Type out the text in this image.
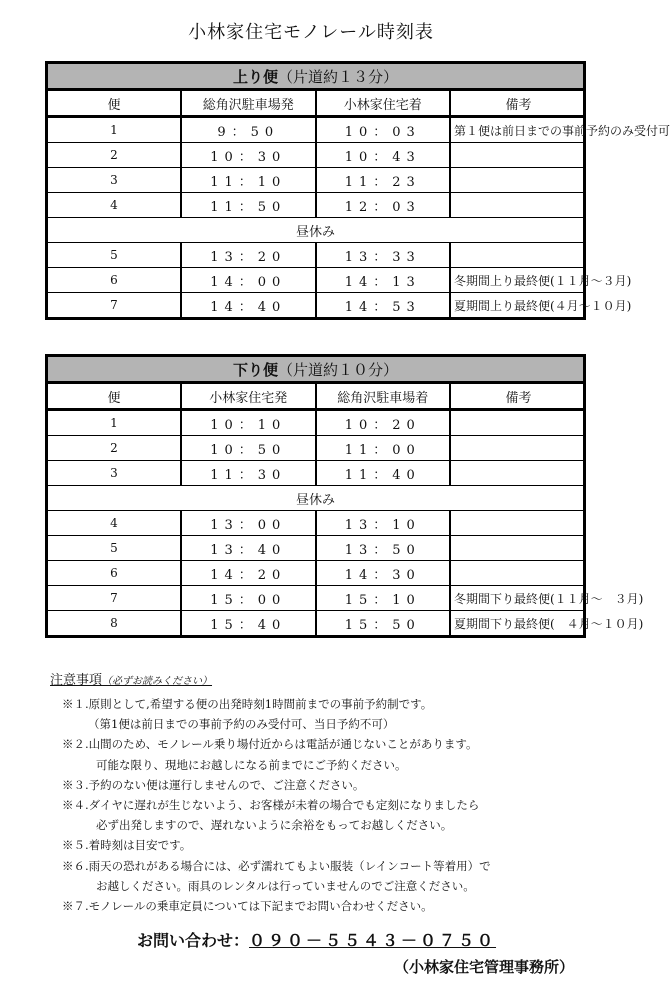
小林家住宅モノレール時刻表
上り便（片道約１３分）			
便	総角沢駐車場発	小林家住宅着	備考
1	9：50	10：03	第１便は前日までの事前予約のみ受付可
2	10：30	10：43	
3	11：10	11：23	
4	11：50	12：03	
昼休み			
5	13：20	13：33	
6	14：00	14：13	冬期間上り最終便(１１月～３月)
7	14：40	14：53	夏期間上り最終便(４月～１０月)
下り便（片道約１０分）			
便	小林家住宅発	総角沢駐車場着	備考
1	10：10	10：20	
2	10：50	11：00	
3	11：30	11：40	
昼休み			
4	13：00	13：10	
5	13：40	13：50	
6	14：20	14：30	
7	15：00	15：10	冬期間下り最終便(１１月～　３月)
8	15：40	15：50	夏期間下り最終便(　４月～１０月)
注意事項（必ずお読みください）
※１.原則として,希望する便の出発時刻1時間前までの事前予約制です。
（第1便は前日までの事前予約のみ受付可、当日予約不可）
※２.山間のため、モノレール乗り場付近からは電話が通じないことがあります。
可能な限り、現地にお越しになる前までにご予約ください。
※３.予約のない便は運行しませんので、ご注意ください。
※４.ダイヤに遅れが生じないよう、お客様が未着の場合でも定刻になりましたら
必ず出発しますので、遅れないように余裕をもってお越しください。
※５.着時刻は目安です。
※６.雨天の恐れがある場合には、必ず濡れてもよい服装（レインコート等着用）で
お越しください。雨具のレンタルは行っていませんのでご注意ください。
※７.モノレールの乗車定員については下記までお問い合わせください。
お問い合わせ：０９０－５５４３－０７５０
（小林家住宅管理事務所）
